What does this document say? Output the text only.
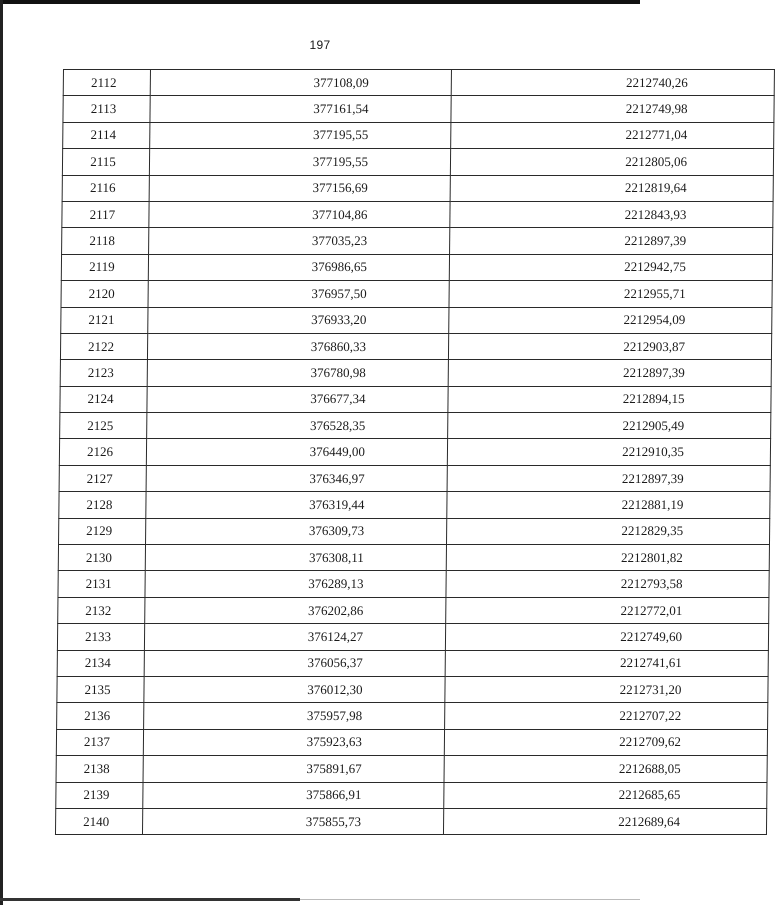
197
2112	377108,09	2212740,26
2113	377161,54	2212749,98
2114	377195,55	2212771,04
2115	377195,55	2212805,06
2116	377156,69	2212819,64
2117	377104,86	2212843,93
2118	377035,23	2212897,39
2119	376986,65	2212942,75
2120	376957,50	2212955,71
2121	376933,20	2212954,09
2122	376860,33	2212903,87
2123	376780,98	2212897,39
2124	376677,34	2212894,15
2125	376528,35	2212905,49
2126	376449,00	2212910,35
2127	376346,97	2212897,39
2128	376319,44	2212881,19
2129	376309,73	2212829,35
2130	376308,11	2212801,82
2131	376289,13	2212793,58
2132	376202,86	2212772,01
2133	376124,27	2212749,60
2134	376056,37	2212741,61
2135	376012,30	2212731,20
2136	375957,98	2212707,22
2137	375923,63	2212709,62
2138	375891,67	2212688,05
2139	375866,91	2212685,65
2140	375855,73	2212689,64
